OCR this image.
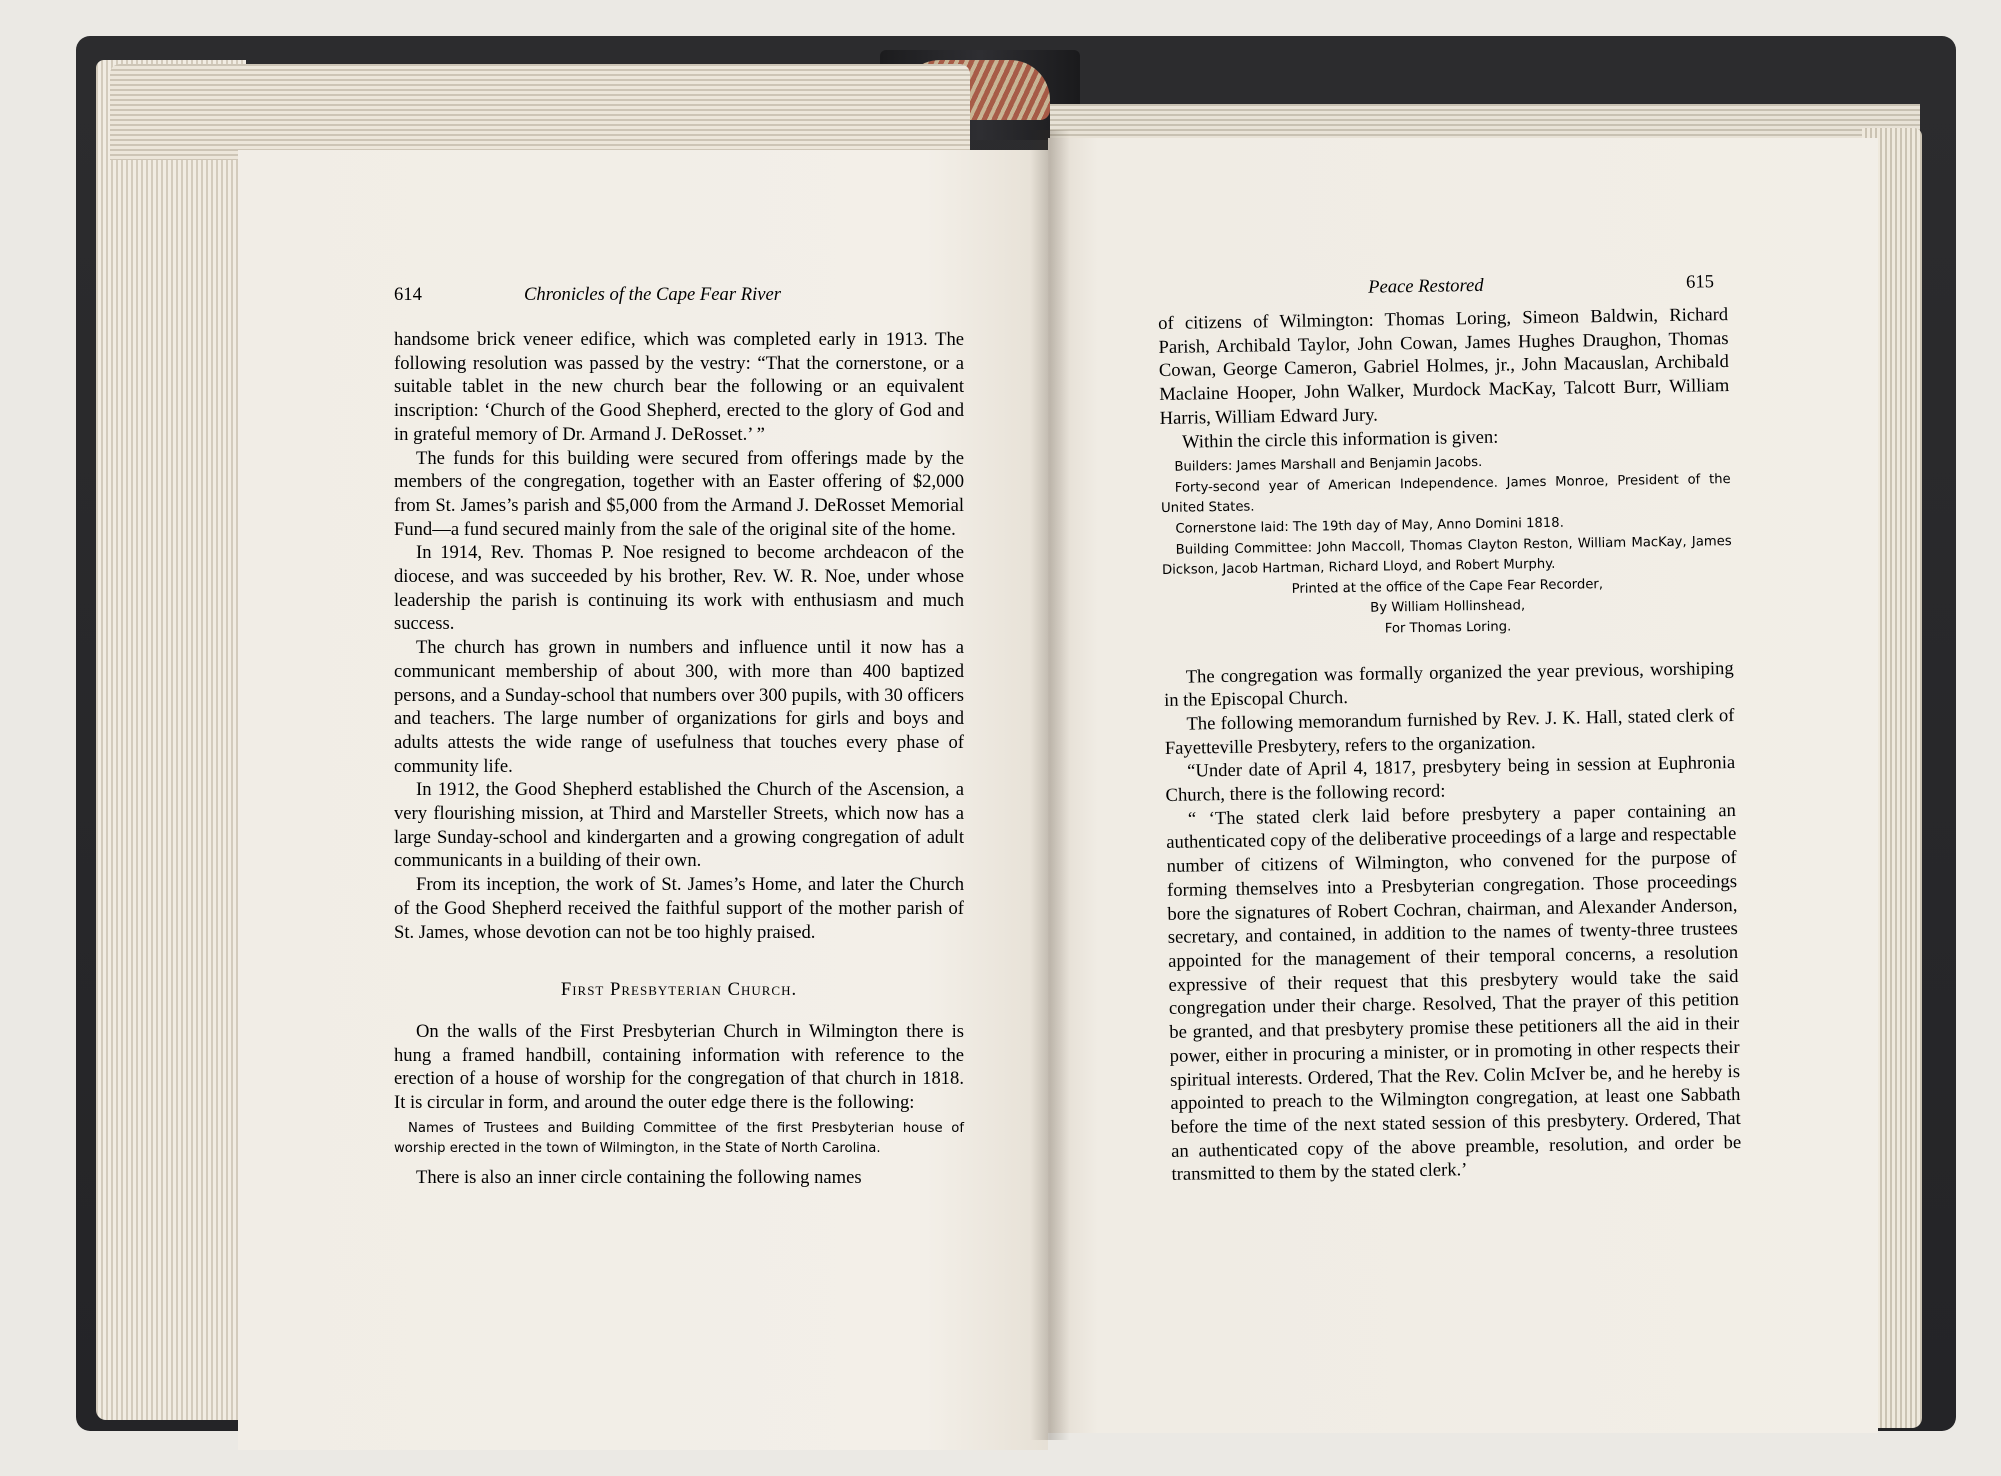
614	Chronicles of the Cape Fear River

handsome brick veneer edifice, which was completed early in 1913. The following resolution was passed by the vestry: “That the cornerstone, or a suitable tablet in the new church bear the following or an equivalent inscription: ‘Church of the Good Shepherd, erected to the glory of God and in grateful memory of Dr. Armand J. DeRosset.’ ”

The funds for this building were secured from offerings made by the members of the congregation, together with an Easter offering of $2,000 from St. James’s parish and $5,000 from the Armand J. DeRosset Memorial Fund—a fund secured mainly from the sale of the original site of the home.

In 1914, Rev. Thomas P. Noe resigned to become archdeacon of the diocese, and was succeeded by his brother, Rev. W. R. Noe, under whose leadership the parish is continuing its work with enthusiasm and much success.

The church has grown in numbers and influence until it now has a communicant membership of about 300, with more than 400 baptized persons, and a Sunday-school that numbers over 300 pupils, with 30 officers and teachers. The large number of organizations for girls and boys and adults attests the wide range of usefulness that touches every phase of community life.

In 1912, the Good Shepherd established the Church of the Ascension, a very flourishing mission, at Third and Marsteller Streets, which now has a large Sunday-school and kindergarten and a growing congregation of adult communicants in a building of their own.

From its inception, the work of St. James’s Home, and later the Church of the Good Shepherd received the faithful support of the mother parish of St. James, whose devotion can not be too highly praised.

First Presbyterian Church.

On the walls of the First Presbyterian Church in Wilmington there is hung a framed handbill, containing information with reference to the erection of a house of worship for the congregation of that church in 1818. It is circular in form, and around the outer edge there is the following:

Names of Trustees and Building Committee of the first Presbyterian house of worship erected in the town of Wilmington, in the State of North Carolina.

There is also an inner circle containing the following names

Peace Restored	615

of citizens of Wilmington: Thomas Loring, Simeon Baldwin, Richard Parish, Archibald Taylor, John Cowan, James Hughes Draughon, Thomas Cowan, George Cameron, Gabriel Holmes, jr., John Macauslan, Archibald Maclaine Hooper, John Walker, Murdock MacKay, Talcott Burr, William Harris, William Edward Jury.

Within the circle this information is given:

Builders: James Marshall and Benjamin Jacobs.

Forty-second year of American Independence. James Monroe, President of the United States.

Cornerstone laid: The 19th day of May, Anno Domini 1818.

Building Committee: John Maccoll, Thomas Clayton Reston, William MacKay, James Dickson, Jacob Hartman, Richard Lloyd, and Robert Murphy.

Printed at the office of the Cape Fear Recorder,

By William Hollinshead,

For Thomas Loring.

The congregation was formally organized the year previous, worshiping in the Episcopal Church.

The following memorandum furnished by Rev. J. K. Hall, stated clerk of Fayetteville Presbytery, refers to the organization.

“Under date of April 4, 1817, presbytery being in session at Euphronia Church, there is the following record:

“ ‘The stated clerk laid before presbytery a paper containing an authenticated copy of the deliberative proceedings of a large and respectable number of citizens of Wilmington, who convened for the purpose of forming themselves into a Presbyterian congregation. Those proceedings bore the signatures of Robert Cochran, chairman, and Alexander Anderson, secretary, and contained, in addition to the names of twenty-three trustees appointed for the management of their temporal concerns, a resolution expressive of their request that this presbytery would take the said congregation under their charge. Resolved, That the prayer of this petition be granted, and that presbytery promise these petitioners all the aid in their power, either in procuring a minister, or in promoting in other respects their spiritual interests. Ordered, That the Rev. Colin McIver be, and he hereby is appointed to preach to the Wilmington congregation, at least one Sabbath before the time of the next stated session of this presbytery. Ordered, That an authenticated copy of the above preamble, resolution, and order be transmitted to them by the stated clerk.’
